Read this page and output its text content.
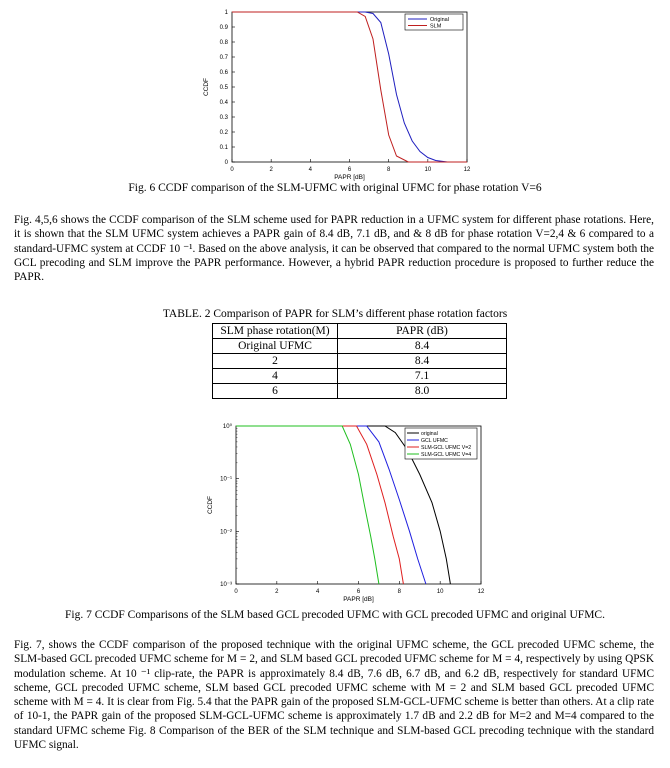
0	2	4	6	8	10	12
0
0.1
0.2
0.3
0.4
0.5
0.6
0.7
0.8
0.9
1
PAPR [dB]
CCDF
Original
SLM
Fig. 6 CCDF comparison of the SLM-UFMC with original UFMC for phase rotation V=6
Fig. 4,5,6 shows the CCDF comparison of the SLM scheme used for PAPR reduction in a UFMC system for different phase rotations. Here, it is shown that the SLM UFMC system achieves a PAPR gain of 8.4 dB, 7.1 dB, and & 8 dB for phase rotation V=2,4 & 6 compared to a standard-UFMC system at CCDF 10 ⁻¹. Based on the above analysis, it can be observed that compared to the normal UFMC system both the GCL precoding and SLM improve the PAPR performance. However, a hybrid PAPR reduction procedure is proposed to further reduce the PAPR.
TABLE. 2 Comparison of PAPR for SLM’s different phase rotation factors
SLM phase rotation(M)	PAPR (dB)
Original UFMC	8.4
2	8.4
4	7.1
6	8.0
0	2	4	6	8	10	12
10⁰
10⁻¹
10⁻²
10⁻³
PAPR [dB]
CCDF
original
GCL UFMC
SLM-GCL UFMC V=2
SLM-GCL UFMC V=4
Fig. 7 CCDF Comparisons of the SLM based GCL precoded UFMC with GCL precoded UFMC and original UFMC.
Fig. 7, shows the CCDF comparison of the proposed technique with the original UFMC scheme, the GCL precoded UFMC scheme, the SLM-based GCL precoded UFMC scheme for M = 2, and SLM based GCL precoded UFMC scheme for M = 4, respectively by using QPSK modulation scheme. At 10 ⁻¹ clip-rate, the PAPR is approximately 8.4 dB, 7.6 dB, 6.7 dB, and 6.2 dB, respectively for standard UFMC scheme, GCL precoded UFMC scheme, SLM based GCL precoded UFMC scheme with M = 2 and SLM based GCL precoded UFMC scheme with M = 4. It is clear from Fig. 5.4 that the PAPR gain of the proposed SLM-GCL-UFMC scheme is better than others. At a clip rate of 10-1, the PAPR gain of the proposed SLM-GCL-UFMC scheme is approximately 1.7 dB and 2.2 dB for M=2 and M=4 compared to the standard UFMC scheme Fig. 8 Comparison of the BER of the SLM technique and SLM-based GCL precoding technique with the standard UFMC signal.
